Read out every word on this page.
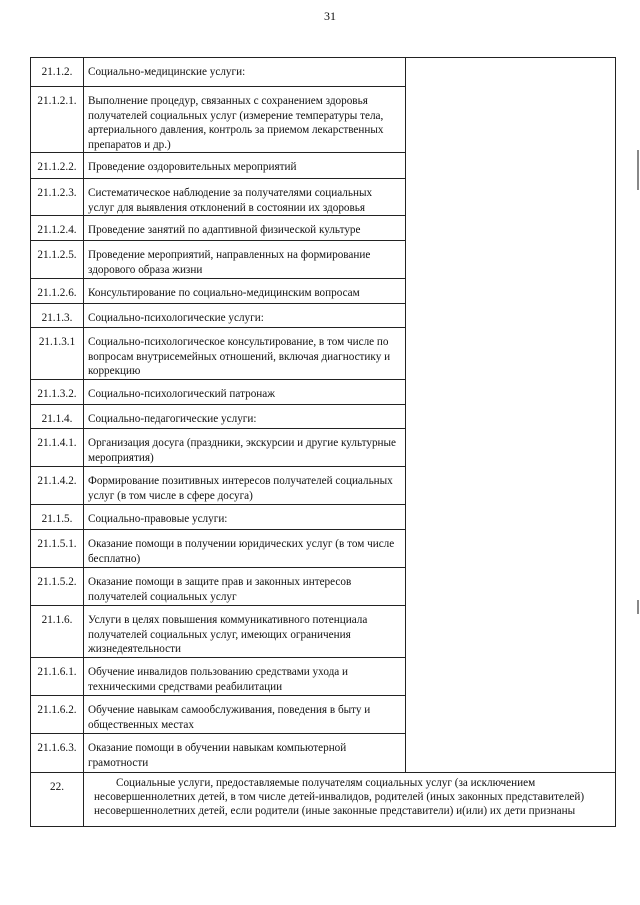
31
21.1.2.	Социально-медицинские услуги:	
21.1.2.1.	Выполнение процедур, связанных с сохранением здоровья получателей социальных услуг (измерение температуры тела, артериального давления, контроль за приемом лекарственных препаратов и др.)	
21.1.2.2.	Проведение оздоровительных мероприятий	
21.1.2.3.	Систематическое наблюдение за получателями социальных услуг для выявления отклонений в состоянии их здоровья	
21.1.2.4.	Проведение занятий по адаптивной физической культуре	
21.1.2.5.	Проведение мероприятий, направленных на формирование здорового образа жизни	
21.1.2.6.	Консультирование по социально-медицинским вопросам	
21.1.3.	Социально-психологические услуги:	
21.1.3.1	Социально-психологическое консультирование, в том числе по вопросам внутрисемейных отношений, включая диагностику и коррекцию	
21.1.3.2.	Социально-психологический патронаж	
21.1.4.	Социально-педагогические услуги:	
21.1.4.1.	Организация досуга (праздники, экскурсии и другие культурные мероприятия)	
21.1.4.2.	Формирование позитивных интересов получателей социальных услуг (в том числе в сфере досуга)	
21.1.5.	Социально-правовые услуги:	
21.1.5.1.	Оказание помощи в получении юридических услуг (в том числе бесплатно)	
21.1.5.2.	Оказание помощи в защите прав и законных интересов получателей социальных услуг	
21.1.6.	Услуги в целях повышения коммуникативного потенциала получателей социальных услуг, имеющих ограничения жизнедеятельности	
21.1.6.1.	Обучение инвалидов пользованию средствами ухода и техническими средствами реабилитации	
21.1.6.2.	Обучение навыкам самообслуживания, поведения в быту и общественных местах	
21.1.6.3.	Оказание помощи в обучении навыкам компьютерной грамотности	
22.	Социальные услуги, предоставляемые получателям социальных услуг (за исключением
несовершеннолетних детей, в том числе детей-инвалидов, родителей (иных законных представителей)
несовершеннолетних детей, если родители (иные законные представители) и(или) их дети признаны	
